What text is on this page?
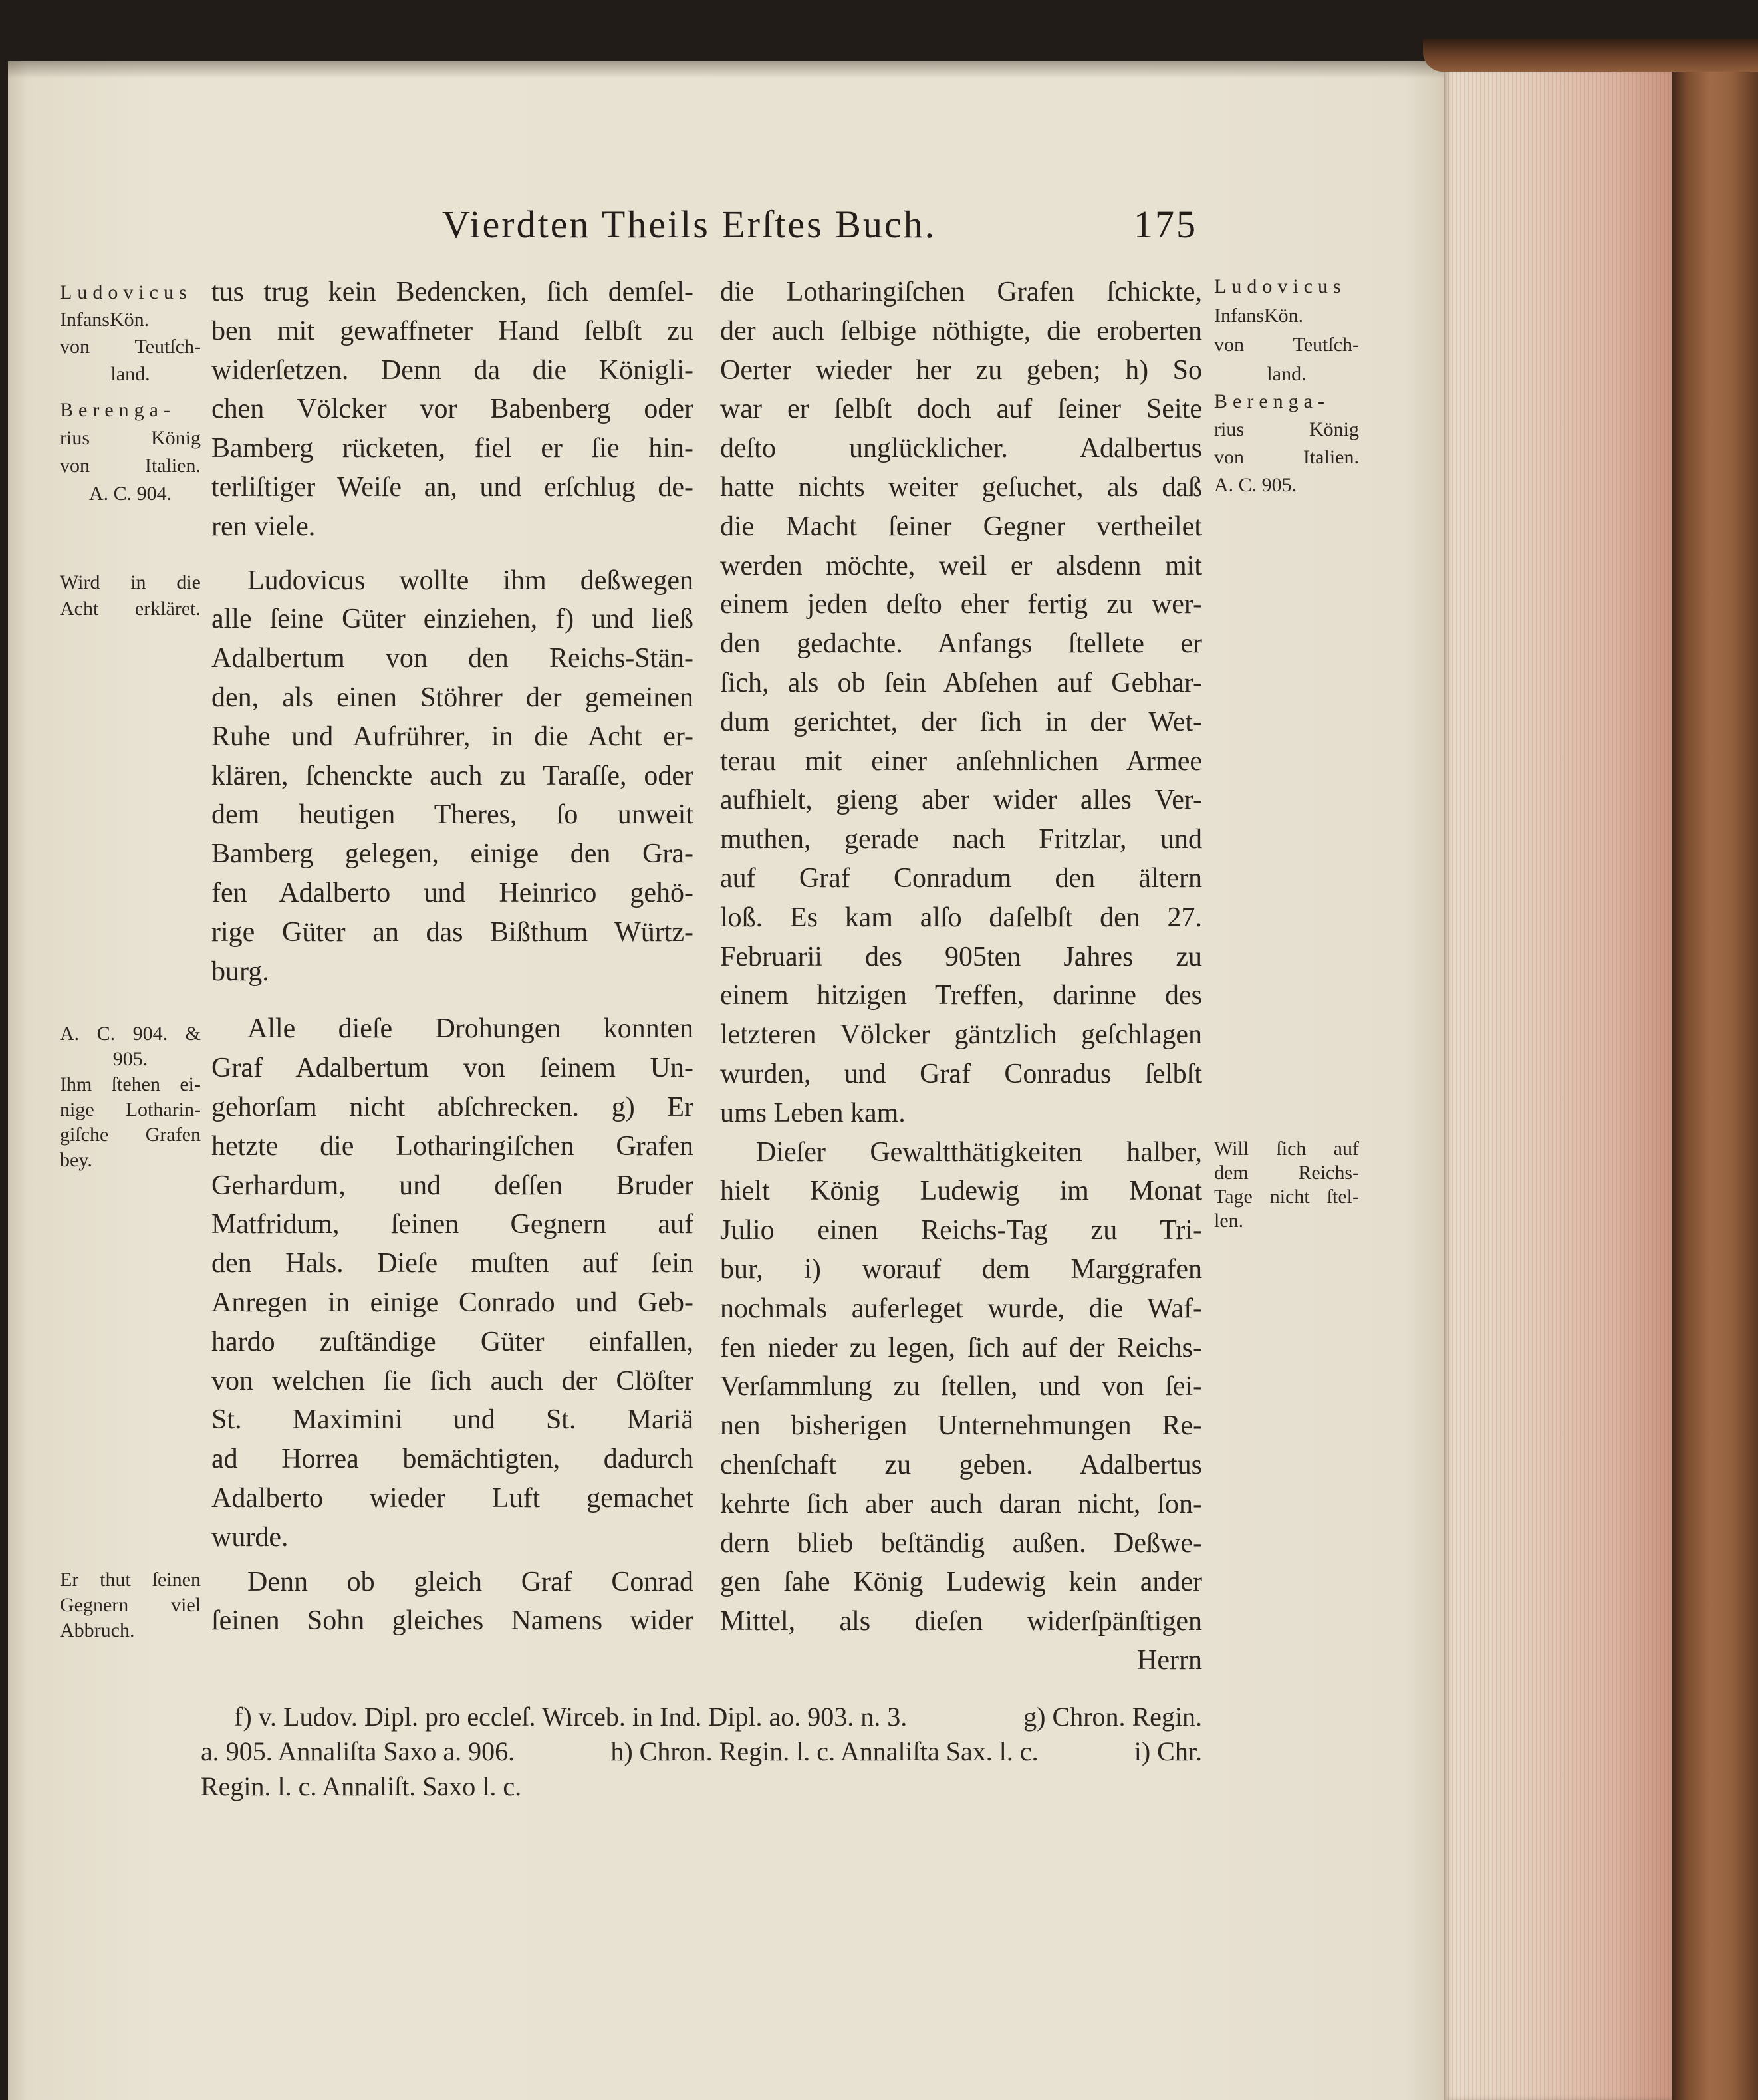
Vierdten Theils Erſtes Buch.	175
Ludovicus
InfansKön.
von Teutſch-
land.
Berenga-
rius König
von Italien.
A. C. 904.
Wird in die
Acht erkläret.
A. C. 904. &
905.
Ihm ſtehen ei-
nige Lotharin-
giſche Grafen
bey.
Er thut ſeinen
Gegnern viel
Abbruch.
Ludovicus
InfansKön.
von Teutſch-
land.
Berenga-
rius König
von Italien.
A. C. 905.
Will ſich auf
dem Reichs-
Tage nicht ſtel-
len.
tus trug kein Bedencken, ſich demſel-
ben mit gewaffneter Hand ſelbſt zu
widerſetzen. Denn da die Königli-
chen Völcker vor Babenberg oder
Bamberg rücketen, fiel er ſie hin-
terliſtiger Weiſe an, und erſchlug de-
ren viele.
Ludovicus wollte ihm deßwegen
alle ſeine Güter einziehen, f) und ließ
Adalbertum von den Reichs-Stän-
den, als einen Stöhrer der gemeinen
Ruhe und Aufrührer, in die Acht er-
klären, ſchenckte auch zu Taraſſe, oder
dem heutigen Theres, ſo unweit
Bamberg gelegen, einige den Gra-
fen Adalberto und Heinrico gehö-
rige Güter an das Bißthum Würtz-
burg.
Alle dieſe Drohungen konnten
Graf Adalbertum von ſeinem Un-
gehorſam nicht abſchrecken. g) Er
hetzte die Lotharingiſchen Grafen
Gerhardum, und deſſen Bruder
Matfridum, ſeinen Gegnern auf
den Hals. Dieſe muſten auf ſein
Anregen in einige Conrado und Geb-
hardo zuſtändige Güter einfallen,
von welchen ſie ſich auch der Clöſter
St. Maximini und St. Mariä
ad Horrea bemächtigten, dadurch
Adalberto wieder Luft gemachet
wurde.
Denn ob gleich Graf Conrad
ſeinen Sohn gleiches Namens wider
die Lotharingiſchen Grafen ſchickte,
der auch ſelbige nöthigte, die eroberten
Oerter wieder her zu geben; h) So
war er ſelbſt doch auf ſeiner Seite
deſto unglücklicher. Adalbertus
hatte nichts weiter geſuchet, als daß
die Macht ſeiner Gegner vertheilet
werden möchte, weil er alsdenn mit
einem jeden deſto eher fertig zu wer-
den gedachte. Anfangs ſtellete er
ſich, als ob ſein Abſehen auf Gebhar-
dum gerichtet, der ſich in der Wet-
terau mit einer anſehnlichen Armee
aufhielt, gieng aber wider alles Ver-
muthen, gerade nach Fritzlar, und
auf Graf Conradum den ältern
loß. Es kam alſo daſelbſt den 27.
Februarii des 905ten Jahres zu
einem hitzigen Treffen, darinne des
letzteren Völcker gäntzlich geſchlagen
wurden, und Graf Conradus ſelbſt
ums Leben kam.
Dieſer Gewaltthätigkeiten halber,
hielt König Ludewig im Monat
Julio einen Reichs-Tag zu Tri-
bur, i) worauf dem Marggrafen
nochmals auferleget wurde, die Waf-
fen nieder zu legen, ſich auf der Reichs-
Verſammlung zu ſtellen, und von ſei-
nen bisherigen Unternehmungen Re-
chenſchaft zu geben. Adalbertus
kehrte ſich aber auch daran nicht, ſon-
dern blieb beſtändig außen. Deßwe-
gen ſahe König Ludewig kein ander
Mittel, als dieſen widerſpänſtigen
Herrn
f) v. Ludov. Dipl. pro eccleſ. Wirceb. in Ind. Dipl. ao. 903. n. 3.	g) Chron. Regin.
a. 905. Annaliſta Saxo a. 906.	h) Chron. Regin. l. c. Annaliſta Sax. l. c.	i) Chr.
Regin. l. c. Annaliſt. Saxo l. c.
